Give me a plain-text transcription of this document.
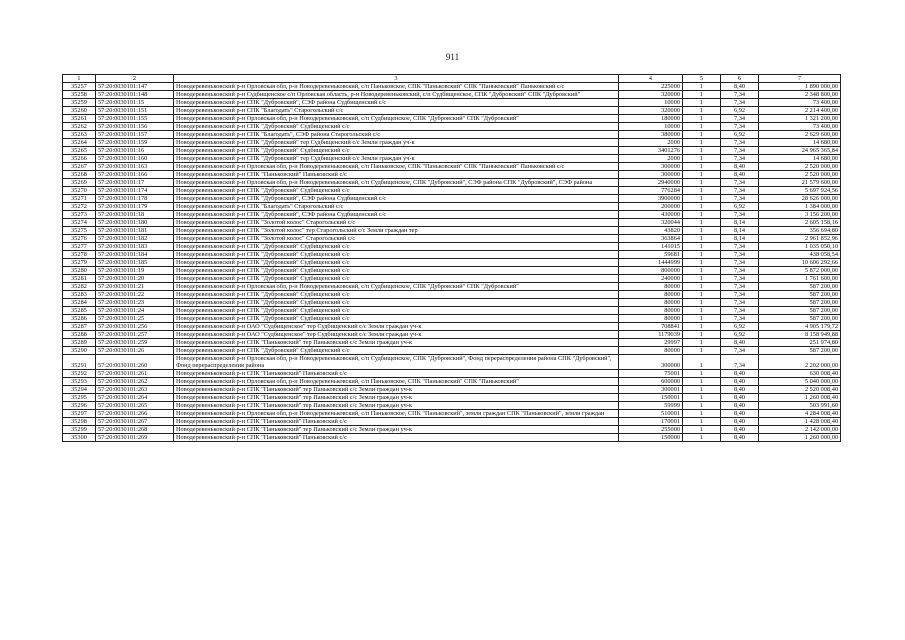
911
1	2	3	4	5	6	7
35257	57:20:0030101:147	Новодеревеньковский р-н Орловская обл, р-н Новодеревеньковский, с/п Паньковское, СПК "Паньковский" СПК "Паньковский" Паньковский с/с	225000	1	8,40	1 890 000,00
35258	57:20:0030101:148	Новодеревеньковский р-н Судбищенское с/п Орловская область, р-н Новодеревеньковский, с/п Судбищенское, СПК "Дубровский" СПК "Дубровский"	320000	1	7,34	2 348 800,00
35259	57:20:0030101:15	Новодеревеньковский р-н СПК "Дубровский", СЭФ района Судбищенский с/с	10000	1	7,34	73 400,00
35260	57:20:0030101:151	Новодеревеньковский р-н СПК "Благодать" Старогольский с/с	320000	1	6,92	2 214 400,00
35261	57:20:0030101:155	Новодеревеньковский р-н Орловская обл, р-н Новодеревеньковский, с/п Судбищенское, СПК "Дубровский" СПК "Дубровский"	180000	1	7,34	1 321 200,00
35262	57:20:0030101:156	Новодеревеньковский р-н СПК "Дубровский" Судбищенский с/с	10000	1	7,34	73 400,00
35263	57:20:0030101:157	Новодеревеньковский р-н СПК "Благодать", СЭФ района Старогольский с/с	380000	1	6,92	2 629 600,00
35264	57:20:0030101:159	Новодеревеньковский р-н СПК "Дубровский" тер Судбищенский с/с Земли граждан уч-к	2000	1	7,34	14 680,00
35265	57:20:0030101:16	Новодеревеньковский р-н СПК "Дубровский" Судбищенский с/с	3401276	1	7,34	24 965 365,84
35266	57:20:0030101:160	Новодеревеньковский р-н СПК "Дубровский" тер Судбищенский с/с Земли граждан уч-к	2000	1	7,34	14 680,00
35267	57:20:0030101:163	Новодеревеньковский р-н Орловская обл, р-н Новодеревеньковский, с/п Паньковское, СПК "Паньковский" СПК "Паньковский" Паньковский с/с	300000	1	8,40	2 520 000,00
35268	57:20:0030101:166	Новодеревеньковский р-н СПК "Паньковский" Паньковский с/с	300000	1	8,40	2 520 000,00
35269	57:20:0030101:17	Новодеревеньковский р-н Орловская обл, р-н Новодеревеньковский, с/п Судбищенское, СПК "Дубровский", СЭФ района СПК "Дубровский", СЭФ района	2940000	1	7,34	21 579 600,00
35270	57:20:0030101:174	Новодеревеньковский р-н СПК "Дубровский" Судбищенский с/с	776284	1	7,34	5 697 924,56
35271	57:20:0030101:178	Новодеревеньковский р-н СПК "Дубровский", СЭФ района Судбищенский с/с	3900000	1	7,34	28 626 000,00
35272	57:20:0030101:179	Новодеревеньковский р-н СПК "Благодать" Старогольский с/с	200000	1	6,92	1 384 000,00
35273	57:20:0030101:18	Новодеревеньковский р-н СПК "Дубровский", СЭФ района Судбищенский с/с	430000	1	7,34	3 156 200,00
35274	57:20:0030101:180	Новодеревеньковский р-н СПК "Золотой колос" Старогольский с/с	320044	1	8,14	2 605 158,16
35275	57:20:0030101:181	Новодеревеньковский р-н СПК "Золотой колос" тер Старогольский с/с Земли граждан тер	43820	1	8,14	356 694,80
35276	57:20:0030101:182	Новодеревеньковский р-н СПК "Золотой колос" Старогольский с/с	363864	1	8,14	2 961 852,96
35277	57:20:0030101:183	Новодеревеньковский р-н СПК "Дубровский" Судбищенский с/с	141015	1	7,34	1 035 050,10
35278	57:20:0030101:184	Новодеревеньковский р-н СПК "Дубровский" Судбищенский с/с	59681	1	7,34	438 058,54
35279	57:20:0030101:185	Новодеревеньковский р-н СПК "Дубровский" Судбищенский с/с	1444999	1	7,34	10 606 292,66
35280	57:20:0030101:19	Новодеревеньковский р-н СПК "Дубровский" Судбищенский с/с	800000	1	7,34	5 872 000,00
35281	57:20:0030101:20	Новодеревеньковский р-н СПК "Дубровский" Судбищенский с/с	240000	1	7,34	1 761 600,00
35282	57:20:0030101:21	Новодеревеньковский р-н Орловская обл, р-н Новодеревеньковский, с/п Судбищенское, СПК "Дубровский" СПК "Дубровский"	80000	1	7,34	587 200,00
35283	57:20:0030101:22	Новодеревеньковский р-н СПК "Дубровский" Судбищенский с/с	80000	1	7,34	587 200,00
35284	57:20:0030101:23	Новодеревеньковский р-н СПК "Дубровский" Судбищенский с/с	80000	1	7,34	587 200,00
35285	57:20:0030101:24	Новодеревеньковский р-н СПК "Дубровский" Судбищенский с/с	80000	1	7,34	587 200,00
35286	57:20:0030101:25	Новодеревеньковский р-н СПК "Дубровский" Судбищенский с/с	80000	1	7,34	587 200,00
35287	57:20:0030101:256	Новодеревеньковский р-н ОАО "Судбищенское" тер Судбищенский с/с Земли граждан уч-к	708841	1	6,92	4 905 179,72
35288	57:20:0030101:257	Новодеревеньковский р-н ОАО "Судбищенское" тер Судбищенский с/с Земли граждан уч-к	1179039	1	6,92	8 158 949,88
35289	57:20:0030101:259	Новодеревеньковский р-н СПК "Паньковский" тер Паньковский с/с Земли граждан уч-к	29997	1	8,40	251 974,80
35290	57:20:0030101:26	Новодеревеньковский р-н СПК "Дубровский" Судбищенский с/с	80000	1	7,34	587 200,00
35291	57:20:0030101:260	Новодеревеньковский р-н Орловская обл, р-н Новодеревеньковский, с/п Судбищенское, СПК "Дубровский", Фонд перераспределения района СПК "Дубровский", Фонд перераспределения района	300000	1	7,34	2 202 000,00
35292	57:20:0030101:261	Новодеревеньковский р-н СПК "Паньковский" Паньковский с/с	75001	1	8,40	630 008,40
35293	57:20:0030101:262	Новодеревеньковский р-н Орловская обл, р-н Новодеревеньковский, с/п Паньковское, СПК "Паньковский" СПК "Паньковский"	600000	1	8,40	5 040 000,00
35294	57:20:0030101:263	Новодеревеньковский р-н СПК "Паньковский" тер Паньковский с/с Земли граждан уч-к	300001	1	8,40	2 520 008,40
35295	57:20:0030101:264	Новодеревеньковский р-н СПК "Паньковский" тер Паньковский с/с Земли граждан уч-к	150001	1	8,40	1 260 008,40
35296	57:20:0030101:265	Новодеревеньковский р-н СПК "Паньковский" тер Паньковский с/с Земли граждан уч-к	59999	1	8,40	503 991,60
35297	57:20:0030101:266	Новодеревеньковский р-н Орловская обл, р-н Новодеревеньковский, с/п Паньковское, СПК "Паньковский", земли граждан СПК "Паньковский", земли граждан	510001	1	8,40	4 284 008,40
35298	57:20:0030101:267	Новодеревеньковский р-н СПК "Паньковский" Паньковский с/с	170001	1	8,40	1 428 008,40
35299	57:20:0030101:268	Новодеревеньковский р-н СПК "Паньковский" тер Паньковский с/с Земли граждан уч-к	255000	1	8,40	2 142 000,00
35300	57:20:0030101:269	Новодеревеньковский р-н СПК "Паньковский" Паньковский с/с	150000	1	8,40	1 260 000,00
